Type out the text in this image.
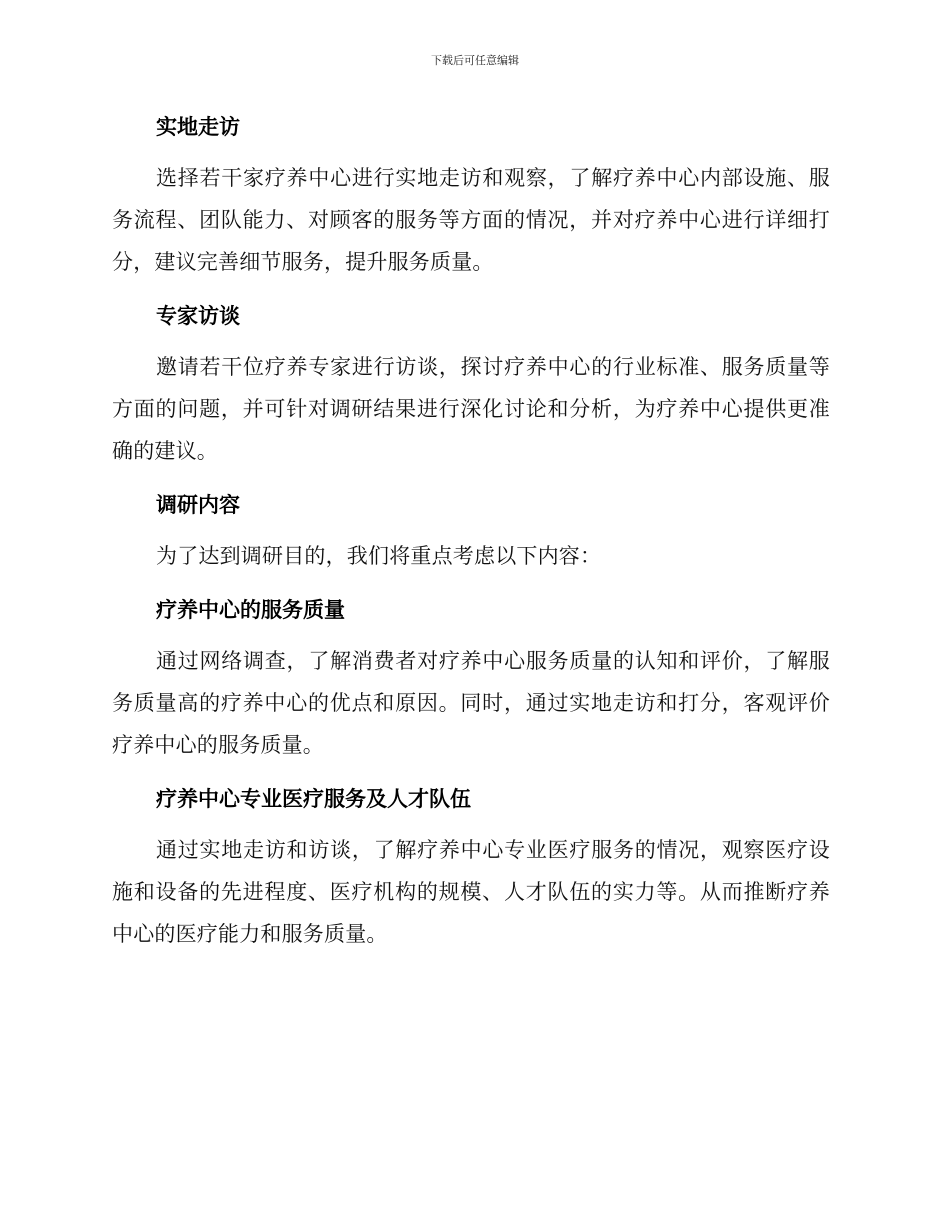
下载后可任意编辑
实地走访

选择若干家疗养中心进行实地走访和观察，了解疗养中心内部设施、服务流程、团队能力、对顾客的服务等方面的情况，并对疗养中心进行详细打分，建议完善细节服务，提升服务质量。

专家访谈

邀请若干位疗养专家进行访谈，探讨疗养中心的行业标准、服务质量等方面的问题，并可针对调研结果进行深化讨论和分析，为疗养中心提供更准确的建议。

调研内容

为了达到调研目的，我们将重点考虑以下内容：

疗养中心的服务质量

通过网络调查，了解消费者对疗养中心服务质量的认知和评价，了解服务质量高的疗养中心的优点和原因。同时，通过实地走访和打分，客观评价疗养中心的服务质量。

疗养中心专业医疗服务及人才队伍

通过实地走访和访谈，了解疗养中心专业医疗服务的情况，观察医疗设施和设备的先进程度、医疗机构的规模、人才队伍的实力等。从而推断疗养中心的医疗能力和服务质量。
